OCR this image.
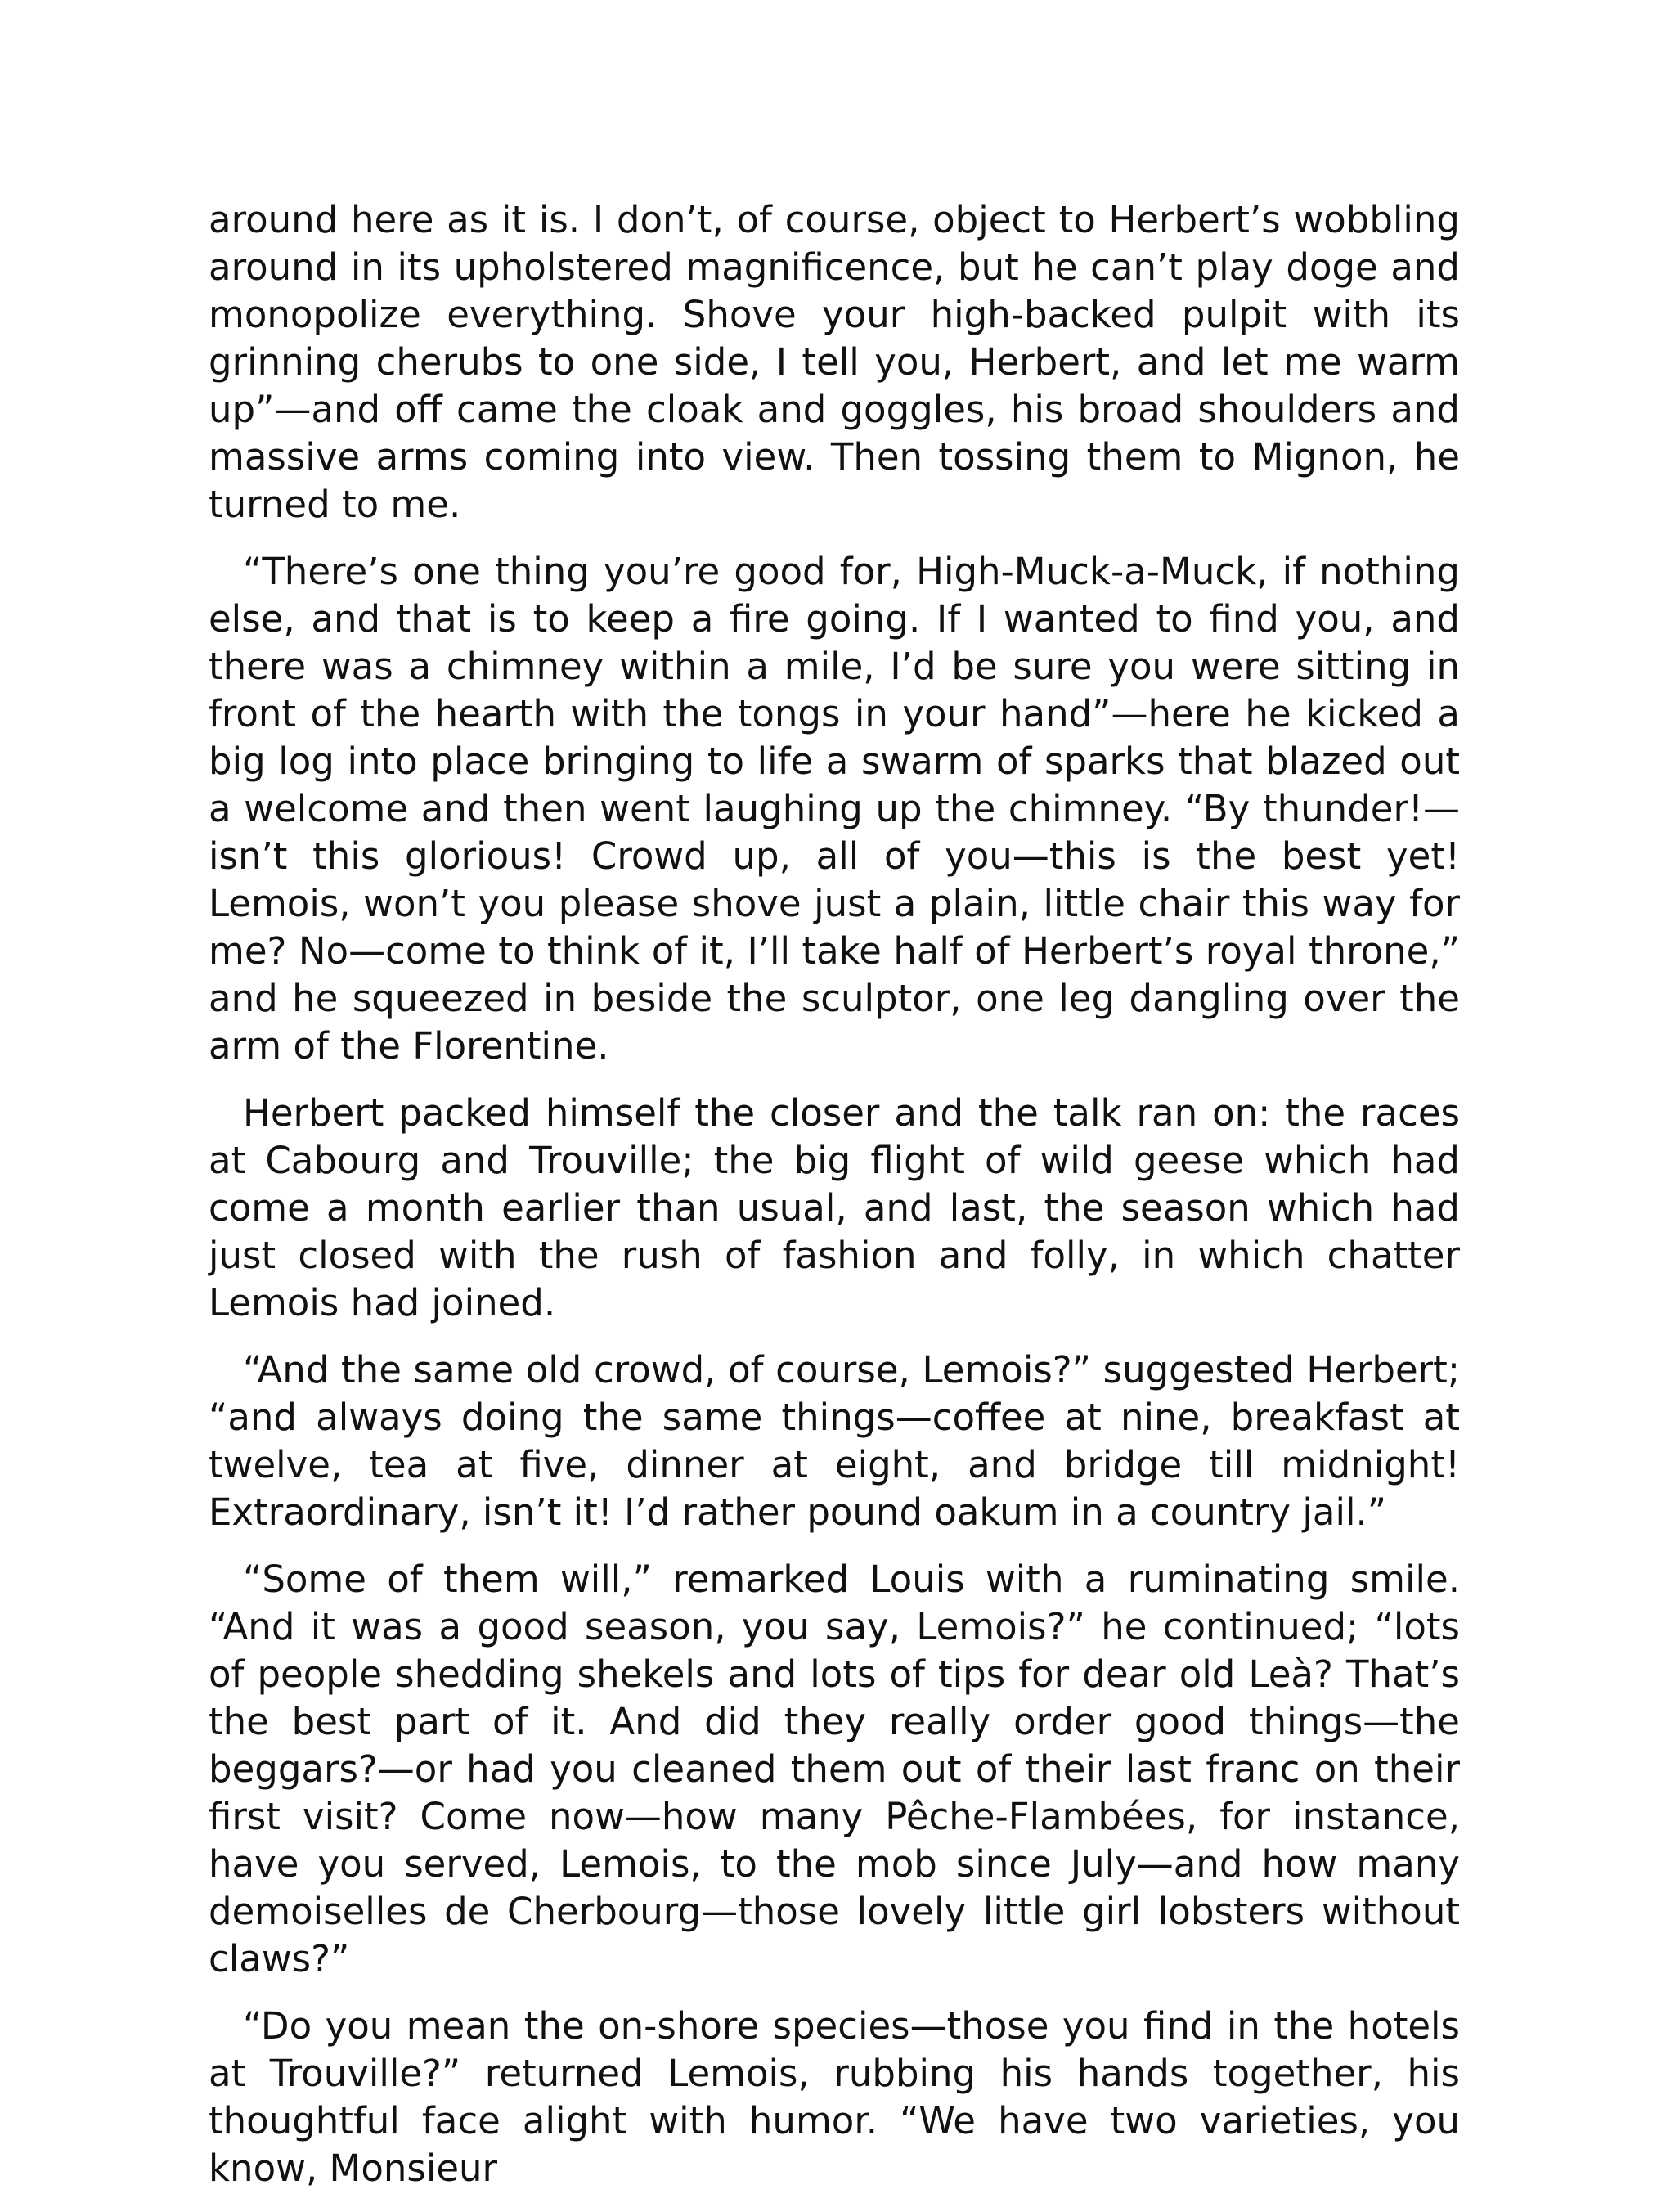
around here as it is. I don’t, of course, object to Herbert’s wobbling around in its upholstered magnificence, but he can’t play doge and monopolize everything. Shove your high-backed pulpit with its grinning cherubs to one side, I tell you, Herbert, and let me warm up”—and off came the cloak and goggles, his broad shoulders and massive arms coming into view. Then tossing them to Mignon, he turned to me.

“There’s one thing you’re good for, High-Muck-a-Muck, if nothing else, and that is to keep a fire going. If I wanted to find you, and there was a chimney within a mile, I’d be sure you were sitting in front of the hearth with the tongs in your hand”—here he kicked a big log into place bringing to life a swarm of sparks that blazed out a welcome and then went laughing up the chimney. “By thunder!—isn’t this glorious! Crowd up, all of you—this is the best yet! Lemois, won’t you please shove just a plain, little chair this way for me? No—come to think of it, I’ll take half of Herbert’s royal throne,” and he squeezed in beside the sculptor, one leg dangling over the arm of the Florentine.

Herbert packed himself the closer and the talk ran on: the races at Cabourg and Trouville; the big flight of wild geese which had come a month earlier than usual, and last, the season which had just closed with the rush of fashion and folly, in which chatter Lemois had joined.

“And the same old crowd, of course, Lemois?” suggested Herbert; “and always doing the same things—coffee at nine, breakfast at twelve, tea at five, dinner at eight, and bridge till midnight! Extraordinary, isn’t it! I’d rather pound oakum in a country jail.”

“Some of them will,” remarked Louis with a ruminating smile. “And it was a good season, you say, Lemois?” he continued; “lots of people shedding shekels and lots of tips for dear old Leà? That’s the best part of it. And did they really order good things—the beggars?—or had you cleaned them out of their last franc on their first visit? Come now—how many Pêche-Flambées, for instance, have you served, Lemois, to the mob since July—and how many demoiselles de Cherbourg—those lovely little girl lobsters without claws?”

“Do you mean the on-shore species—those you find in the hotels at Trouville?” returned Lemois, rubbing his hands together, his thoughtful face alight with humor. “We have two varieties, you know, Monsieur
